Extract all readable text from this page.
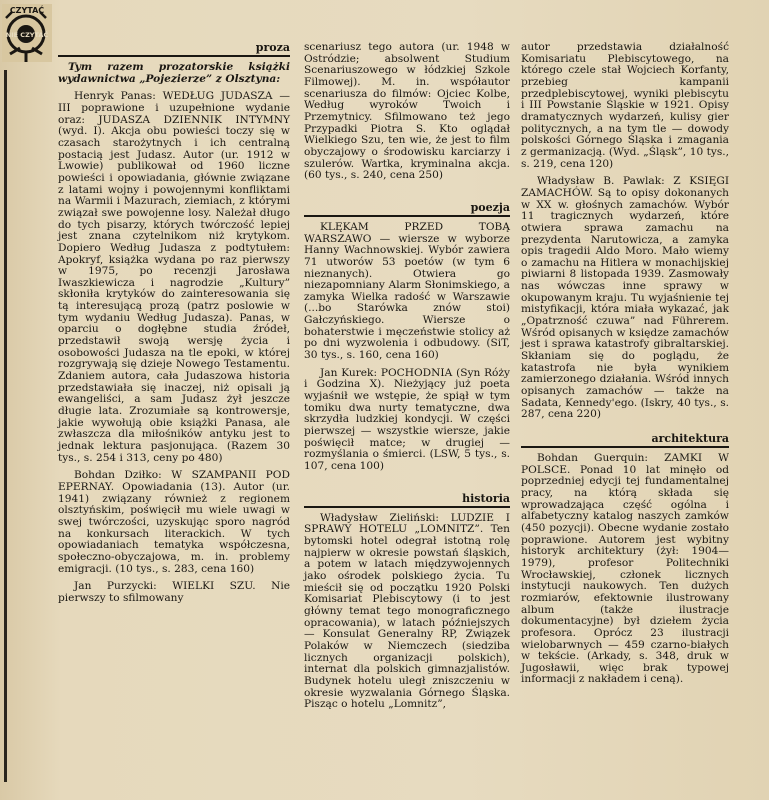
CZYTAĆ
albo
NIE CZYTAĆ
proza

Tym razem prozatorskie książki wydawnictwa „Pojezierze” z Olsztyna:

Henryk Panas: WEDŁUG JUDASZA — III poprawione i uzupełnione wydanie oraz: JUDASZA DZIENNIK INTYMNY (wyd. I). Akcja obu powieści toczy się w czasach starożytnych i ich centralną postacią jest Judasz. Autor (ur. 1912 w Lwowie) publikował od 1960 liczne powieści i opowiadania, głównie związane z latami wojny i powojennymi konfliktami na Warmii i Mazurach, ziemiach, z którymi związał swe powojenne losy. Należał długo do tych pisarzy, których twórczość lepiej jest znana czytelnikom niż krytykom. Dopiero Według Judasza z podtytułem: Apokryf, książka wydana po raz pierwszy w 1975, po recenzji Jarosława Iwaszkiewicza i nagrodzie „Kultury” skłoniła krytyków do zainteresowania się tą interesującą prozą (patrz poslowie w tym wydaniu Według Judasza). Panas, w oparciu o dogłębne studia źródeł, przedstawił swoją wersję życia i osobowości Judasza na tle epoki, w której rozgrywają się dzieje Nowego Testamentu. Zdaniem autora, cała Judaszowa historia przedstawiała się inaczej, niż opisali ją ewangeliści, a sam Judasz żył jeszcze długie lata. Zrozumiałe są kontrowersje, jakie wywołują obie książki Panasa, ale zwłaszcza dla miłośników antyku jest to jednak lektura pasjonująca. (Razem 30 tys., s. 254 i 313, ceny po 480)

Bohdan Dziłko: W SZAMPANII POD EPERNAY. Opowiadania (13). Autor (ur. 1941) związany również z regionem olsztyńskim, poświęcił mu wiele uwagi w swej twórczości, uzyskując sporo nagród na konkursach literackich. W tych opowiadaniach tematyka współczesna, społeczno-obyczajowa, m. in. problemy emigracji. (10 tys., s. 283, cena 160)

Jan Purzycki: WIELKI SZU. Nie pierwszy to sfilmowany

scenariusz tego autora (ur. 1948 w Ostródzie; absolwent Studium Scenariuszowego w łódzkiej Szkole Filmowej). M. in. współautor scenariusza do filmów: Ojciec Kolbe, Według wyroków Twoich i Przemytnicy. Sfilmowano też jego Przypadki Piotra S. Kto oglądał Wielkiego Szu, ten wie, że jest to film obyczajowy o środowisku karciarzy i szulerów. Wartka, kryminalna akcja. (60 tys., s. 240, cena 250)

poezja

KLĘKAM PRZED TOBĄ WARSZAWO — wiersze w wyborze Hanny Wachnowskiej. Wybór zawiera 71 utworów 53 poetów (w tym 6 nieznanych). Otwiera go niezapomniany Alarm Słonimskiego, a zamyka Wielka radość w Warszawie (...bo Starówka znów stoi) Gałczyńskiego. Wiersze o bohaterstwie i męczeństwie stolicy aż po dni wyzwolenia i odbudowy. (SiT, 30 tys., s. 160, cena 160)

Jan Kurek: POCHODNIA (Syn Róży i Godzina X). Nieżyjący już poeta wyjaśnił we wstępie, że spiął w tym tomiku dwa nurty tematyczne, dwa skrzydła ludzkiej kondycji. W części pierwszej — wszystkie wiersze, jakie poświęcił matce; w drugiej — rozmyślania o śmierci. (LSW, 5 tys., s. 107, cena 100)

historia

Władysław Zieliński: LUDZIE I SPRAWY HOTELU „LOMNITZ”. Ten bytomski hotel odegrał istotną rolę najpierw w okresie powstań śląskich, a potem w latach międzywojennych jako ośrodek polskiego życia. Tu mieścił się od początku 1920 Polski Komisariat Plebiscytowy (i to jest główny temat tego monograficznego opracowania), w latach późniejszych — Konsulat Generalny RP, Związek Polaków w Niemczech (siedziba licznych organizacji polskich), internat dla polskich gimnazjalistów. Budynek hotelu uległ zniszczeniu w okresie wyzwalania Górnego Śląska. Pisząc o hotelu „Lomnitz”,

autor przedstawia działalność Komisariatu Plebiscytowego, na którego czele stał Wojciech Korfanty, przebieg kampanii przedplebiscytowej, wyniki plebiscytu i III Powstanie Śląskie w 1921. Opisy dramatycznych wydarzeń, kulisy gier politycznych, a na tym tle — dowody polskości Górnego Śląska i zmagania z germanizacją. (Wyd. „Śląsk”, 10 tys., s. 219, cena 120)

Władysław B. Pawlak: Z KSIĘGI ZAMACHÓW. Są to opisy dokonanych w XX w. głośnych zamachów. Wybór 11 tragicznych wydarzeń, które otwiera sprawa zamachu na prezydenta Narutowicza, a zamyka opis tragedii Aldo Moro. Mało wiemy o zamachu na Hitlera w monachijskiej piwiarni 8 listopada 1939. Zasmowały nas wówczas inne sprawy w okupowanym kraju. Tu wyjaśnienie tej mistyfikacji, która miała wykazać, jak „Opatrzność czuwa” nad Führerem. Wśród opisanych w księdze zamachów jest i sprawa katastrofy gibraltarskiej. Skłaniam się do poglądu, że katastrofa nie była wynikiem zamierzonego działania. Wśród innych opisanych zamachów — także na Sadata, Kennedy'ego. (Iskry, 40 tys., s. 287, cena 220)

architektura

Bohdan Guerquin: ZAMKI W POLSCE. Ponad 10 lat minęło od poprzedniej edycji tej fundamentalnej pracy, na którą składa się wprowadzająca część ogólna i alfabetyczny katalog naszych zamków (450 pozycji). Obecne wydanie zostało poprawione. Autorem jest wybitny historyk architektury (żył: 1904—1979), profesor Politechniki Wrocławskiej, członek licznych instytucji naukowych. Ten dużych rozmiarów, efektownie ilustrowany album (także ilustracje dokumentacyjne) był dziełem życia profesora. Oprócz 23 ilustracji wielobarwnych — 459 czarno-białych w tekście. (Arkady, s. 348, druk w Jugosławii, więc brak typowej informacji z nakładem i ceną).
